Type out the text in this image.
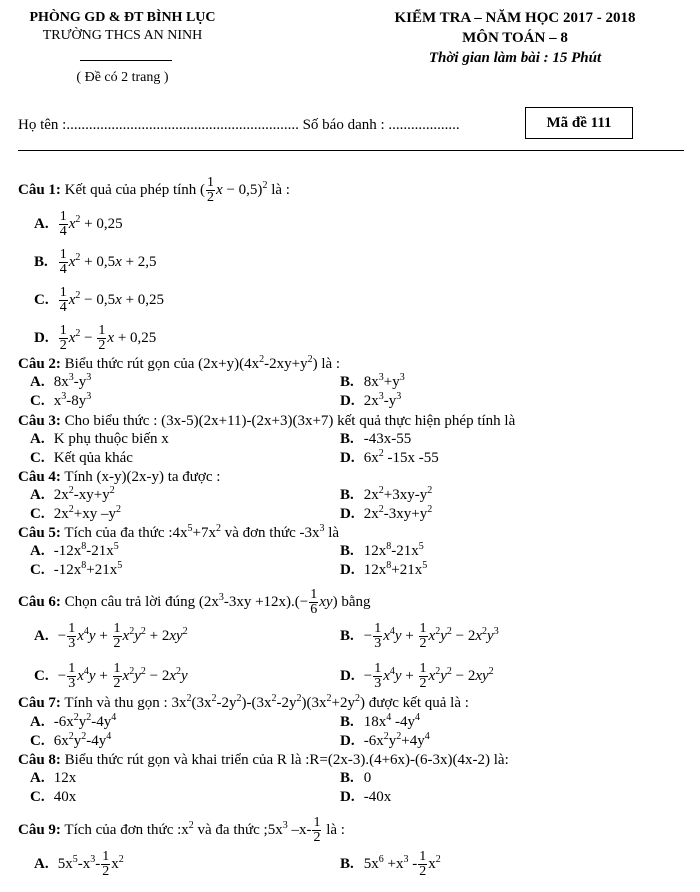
PHÒNG GD & ĐT BÌNH LỤC
TRƯỜNG THCS AN NINH
( Đề có 2 trang )
KIỂM TRA – NĂM HỌC 2017 - 2018
MÔN TOÁN – 8
Thời gian làm bài : 15 Phút
Họ tên :.............................................................. Số báo danh : ...................	Mã đề 111
Câu 1: Kết quả của phép tính ( $\frac{1}{2}$ x − 0,5)$^2$ là :
A. $\frac{1}{4} x^2 + 0,25$
B. $\frac{1}{4} x^2 + 0,5x + 2,5$
C. $\frac{1}{4} x^2 - 0,5x + 0,25$
D. $\frac{1}{2} x^2 - \frac{1}{2}$ x + 0,25
Câu 2: Biểu thức rút gọn của $(2x+y)(4x^2-2xy+y^2)$ là :
A. $8x^3-y^3$	B. $8x^3+y^3$
C. $x^3-8y^3$	D. $2x^3-y^3$
Câu 3: Cho biểu thức : (3x-5)(2x+11)-(2x+3)(3x+7) kết quả thực hiện phép tính là
A. K phụ thuộc biến x	B. -43x-55
C. Kết qủa khác	D. $6x^2$ -15x -55
Câu 4: Tính (x-y)(2x-y) ta được :
A. $2x^2-xy+y^2$	B. $2x^2+3xy-y^2$
C. $2x^2+xy$ $-y^2$	D. $2x^2-3xy+y^2$
Câu 5: Tích của đa thức $:4x^5+7x^2$ và đơn thức $-3x^3$ là
A. $-12x^8-21x^5$	B. $12x^8-21x^5$
C. $-12x^8+21x^5$	D. $12x^8+21x^5$
Câu 6: Chọn câu trả lời đúng $(2x^3-3xy +12x).(- \frac{1}{6} xy)$ bằng
A. − $\frac{1}{3} x^4y + \frac{1}{2} x^2y^2 + 2xy^2$	B. − $\frac{1}{3} x^4y + \frac{1}{2} x^2y^2 - 2x^2y^3$
C. − $\frac{1}{3} x^4y + \frac{1}{2} x^2y^2 - 2x^2y$	D. − $\frac{1}{3} x^4y + \frac{1}{2} x^2y^2 - 2xy^2$
Câu 7: Tính và thu gọn : $3x^2(3x^2-2y^2)-(3x^2-2y^2)(3x^2+2y^2)$ được kết quả là :
A. $-6x^2y^2-4y^4$	B. $18x^4$ $-4y^4$
C. $6x^2y^2-4y^4$	D. $-6x^2y^2+4y^4$
Câu 8: Biểu thức rút gọn và khai triển của R là :R=(2x-3).(4+6x)-(6-3x)(4x-2) là:
A. 12x	B. 0
C. 40x	D. -40x
Câu 9: Tích của đơn thức $:x^2$ và đa thức $;5x^3$ $-x- \frac{1}{2}$ là :
A. $5x^5-x^3- \frac{1}{2} x^2$	B. $5x^6 +x^3 - \frac{1}{2} x^2$
